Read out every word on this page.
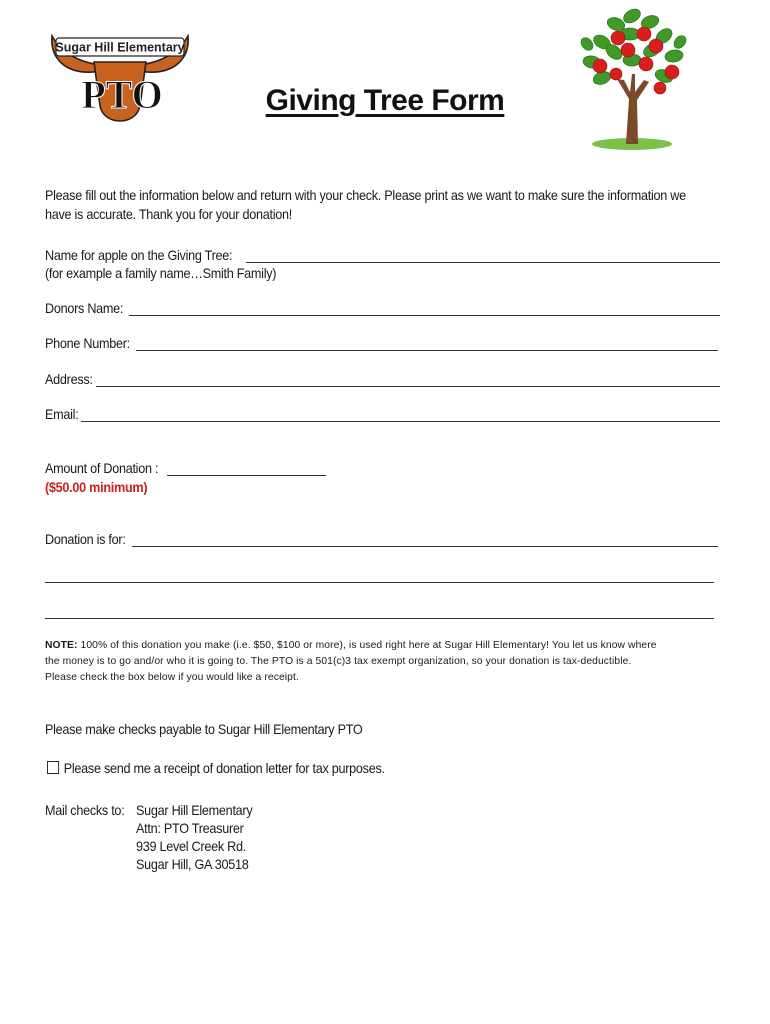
Sugar Hill Elementary
PTO	Giving Tree Form
Please fill out the information below and return with your check. Please print as we want to make sure the information we
have is accurate. Thank you for your donation!
Name for apple on the Giving Tree:
(for example a family name…Smith Family)
Donors Name:
Phone Number:
Address:
Email:
Amount of Donation :
($50.00 minimum)
Donation is for:
NOTE: 100% of this donation you make (i.e. $50, $100 or more), is used right here at Sugar Hill Elementary! You let us know where
the money is to go and/or who it is going to. The PTO is a 501(c)3 tax exempt organization, so your donation is tax-deductible.
Please check the box below if you would like a receipt.
Please make checks payable to Sugar Hill Elementary PTO
Please send me a receipt of donation letter for tax purposes.
Mail checks to: Sugar Hill Elementary
Attn: PTO Treasurer
939 Level Creek Rd.
Sugar Hill, GA 30518
